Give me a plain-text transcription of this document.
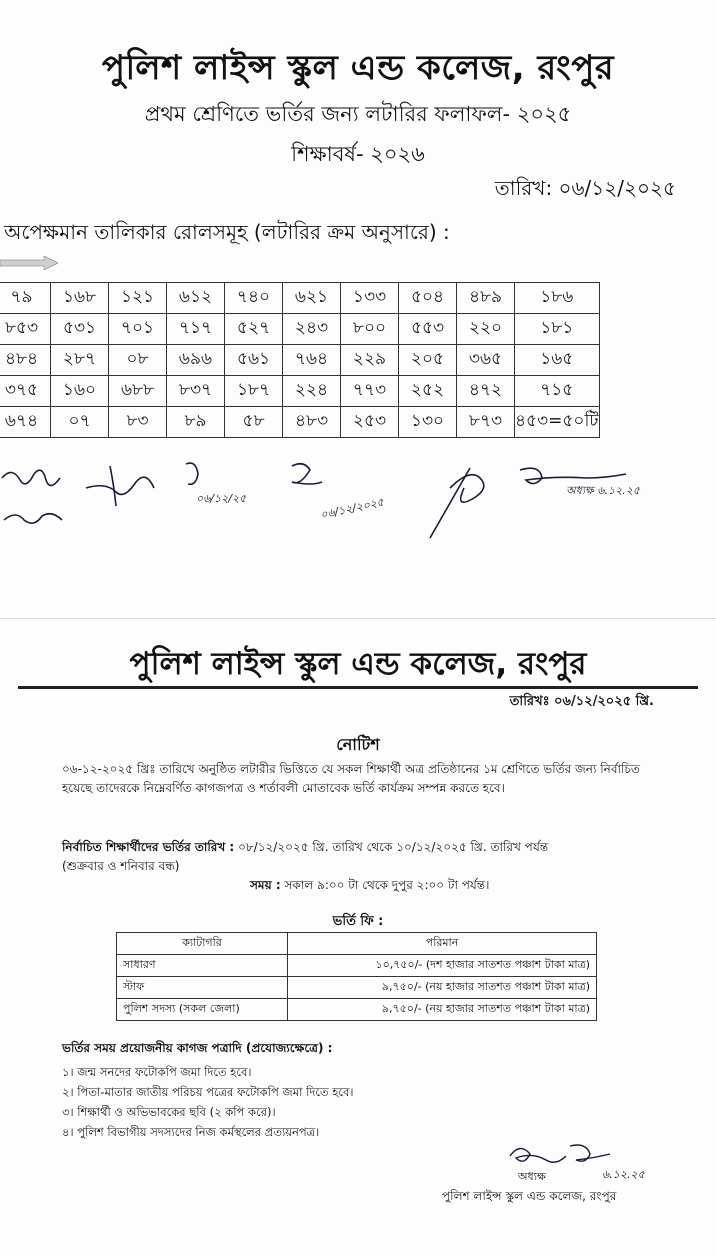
পুলিশ লাইন্স স্কুল এন্ড কলেজ, রংপুর
প্রথম শ্রেণিতে ভর্তির জন্য লটারির ফলাফল- ২০২৫
শিক্ষাবর্ষ- ২০২৬
তারিখ: ০৬/১২/২০২৫
অপেক্ষমান তালিকার রোলসমূহ (লটারির ক্রম অনুসারে) :
৭৯	১৬৮	১২১	৬১২	৭৪০	৬২১	১৩৩	৫০৪	৪৮৯	১৮৬
৮৫৩	৫৩১	৭০১	৭১৭	৫২৭	২৪৩	৮০০	৫৫৩	২২০	১৮১
৪৮৪	২৮৭	০৮	৬৯৬	৫৬১	৭৬৪	২২৯	২০৫	৩৬৫	১৬৫
৩৭৫	১৬০	৬৮৮	৮৩৭	১৮৭	২২৪	৭৭৩	২৫২	৪৭২	৭১৫
৬৭৪	০৭	৮৩	৮৯	৫৮	৪৮৩	২৫৩	১৩০	৮৭৩	৪৫৩=৫০টি
০৬/১২/২৫	০৬/১২/২০২৫
অধ্যক্ষ ৬.১২.২৫
পুলিশ লাইন্স স্কুল এন্ড কলেজ, রংপুর
তারিখঃ ০৬/১২/২০২৫ খ্রি.
নোটিশ
০৬-১২-২০২৫ খ্রিঃ তারিখে অনুষ্ঠিত লটারীর ভিত্তিতে যে সকল শিক্ষার্থী অত্র প্রতিষ্ঠানের ১ম শ্রেণিতে ভর্তির জন্য নির্বাচিত হয়েছে তাদেরকে নিম্নেবর্ণিত কাগজপত্র ও শর্তাবলী মোতাবেক ভর্তি কার্যক্রম সম্পন্ন করতে হবে।
নির্বাচিত শিক্ষার্থীদের ভর্তির তারিখ : ০৮/১২/২০২৫ খ্রি. তারিখ থেকে ১০/১২/২০২৫ খ্রি. তারিখ পর্যন্ত
(শুক্রবার ও শনিবার বন্ধ)
সময় : সকাল ৯:০০ টা থেকে দুপুর ২:০০ টা পর্যন্ত।
ভর্তি ফি :
ক্যাটাগরি	পরিমান
সাধারণ	১০,৭৫০/- (দশ হাজার সাতশত পঞ্চাশ টাকা মাত্র)
স্টাফ	৯,৭৫০/- (নয় হাজার সাতশত পঞ্চাশ টাকা মাত্র)
পুলিশ সদস্য (সকল জেলা)	৯,৭৫০/- (নয় হাজার সাতশত পঞ্চাশ টাকা মাত্র)
ভর্তির সময় প্রয়োজনীয় কাগজ পত্রাদি (প্রযোজ্যক্ষেত্রে) :
১। জন্ম সনদের ফটোকপি জমা দিতে হবে।
২। পিতা-মাতার জাতীয় পরিচয় পত্রের ফটোকপি জমা দিতে হবে।
৩। শিক্ষার্থী ও অভিভাবকের ছবি (২ কপি করে)।
৪। পুলিশ বিভাগীয় সদস্যদের নিজ কর্মস্থলের প্রত্যয়নপত্র।
অধ্যক্ষ	৬.১২.২৫
পুলিশ লাইন্স স্কুল এন্ড কলেজ, রংপুর
